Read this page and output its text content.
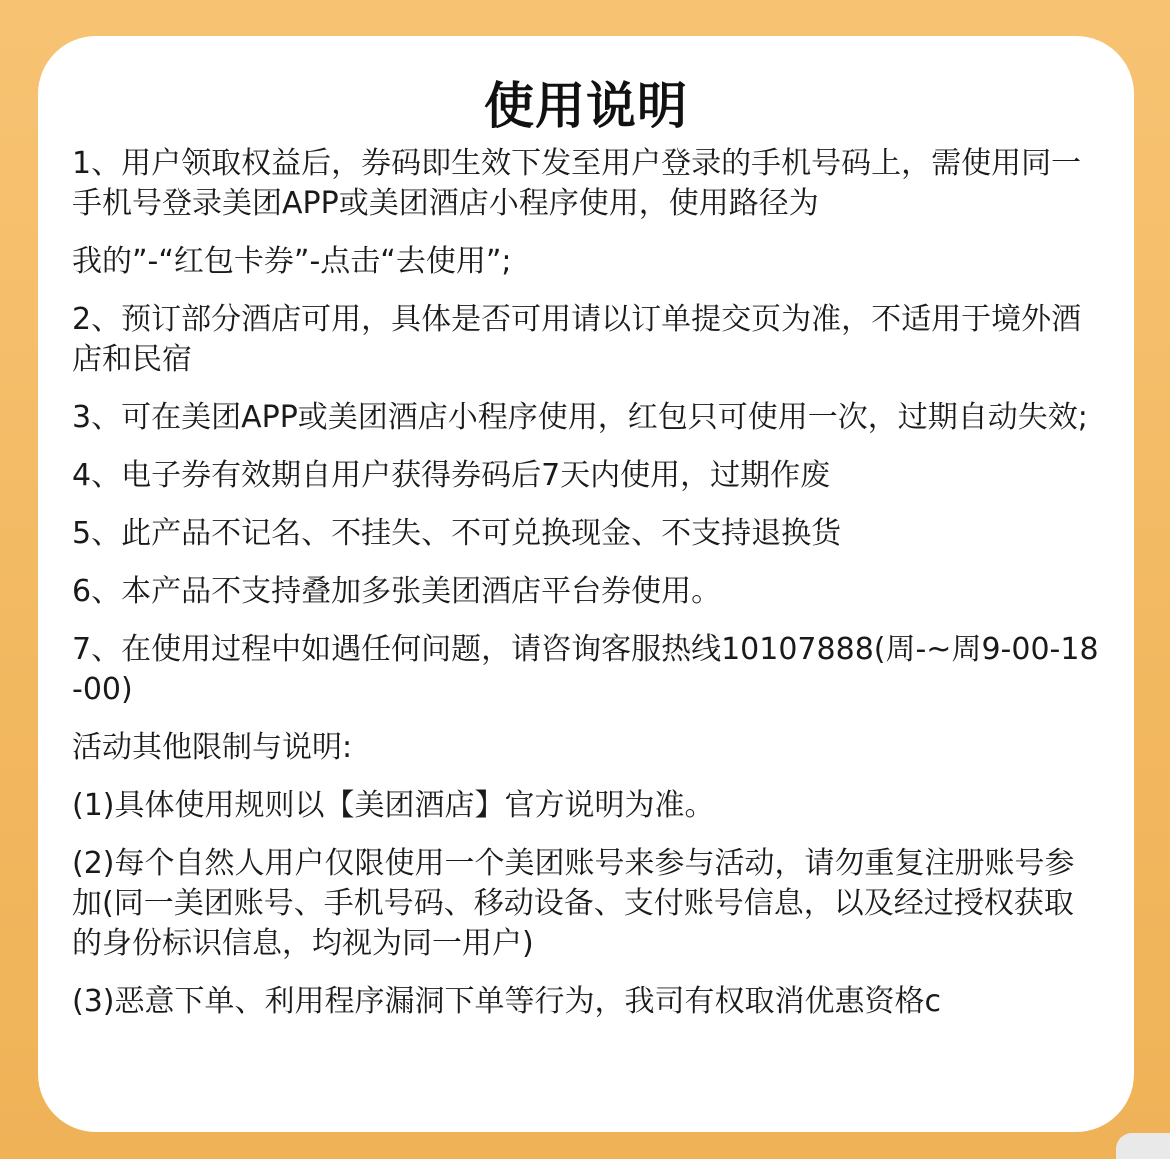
使用说明
1、用户领取权益后，券码即生效下发至用户登录的手机号码上，需使用同一手机号登录美团APP或美团酒店小程序使用，使用路径为
我的”-“红包卡券”-点击“去使用”;
2、预订部分酒店可用，具体是否可用请以订单提交页为准，不适用于境外酒店和民宿
3、可在美团APP或美团酒店小程序使用，红包只可使用一次，过期自动失效;
4、电子券有效期自用户获得券码后7天内使用，过期作废
5、此产品不记名、不挂失、不可兑换现金、不支持退换货
6、本产品不支持叠加多张美团酒店平台券使用。
7、在使用过程中如遇任何问题，请咨询客服热线10107888(周-~周9-00-18-00)
活动其他限制与说明:
(1)具体使用规则以【美团酒店】官方说明为准。
(2)每个自然人用户仅限使用一个美团账号来参与活动，请勿重复注册账号参加(同一美团账号、手机号码、移动设备、支付账号信息，以及经过授权获取的身份标识信息，均视为同一用户)
(3)恶意下单、利用程序漏洞下单等行为，我司有权取消优惠资格c
